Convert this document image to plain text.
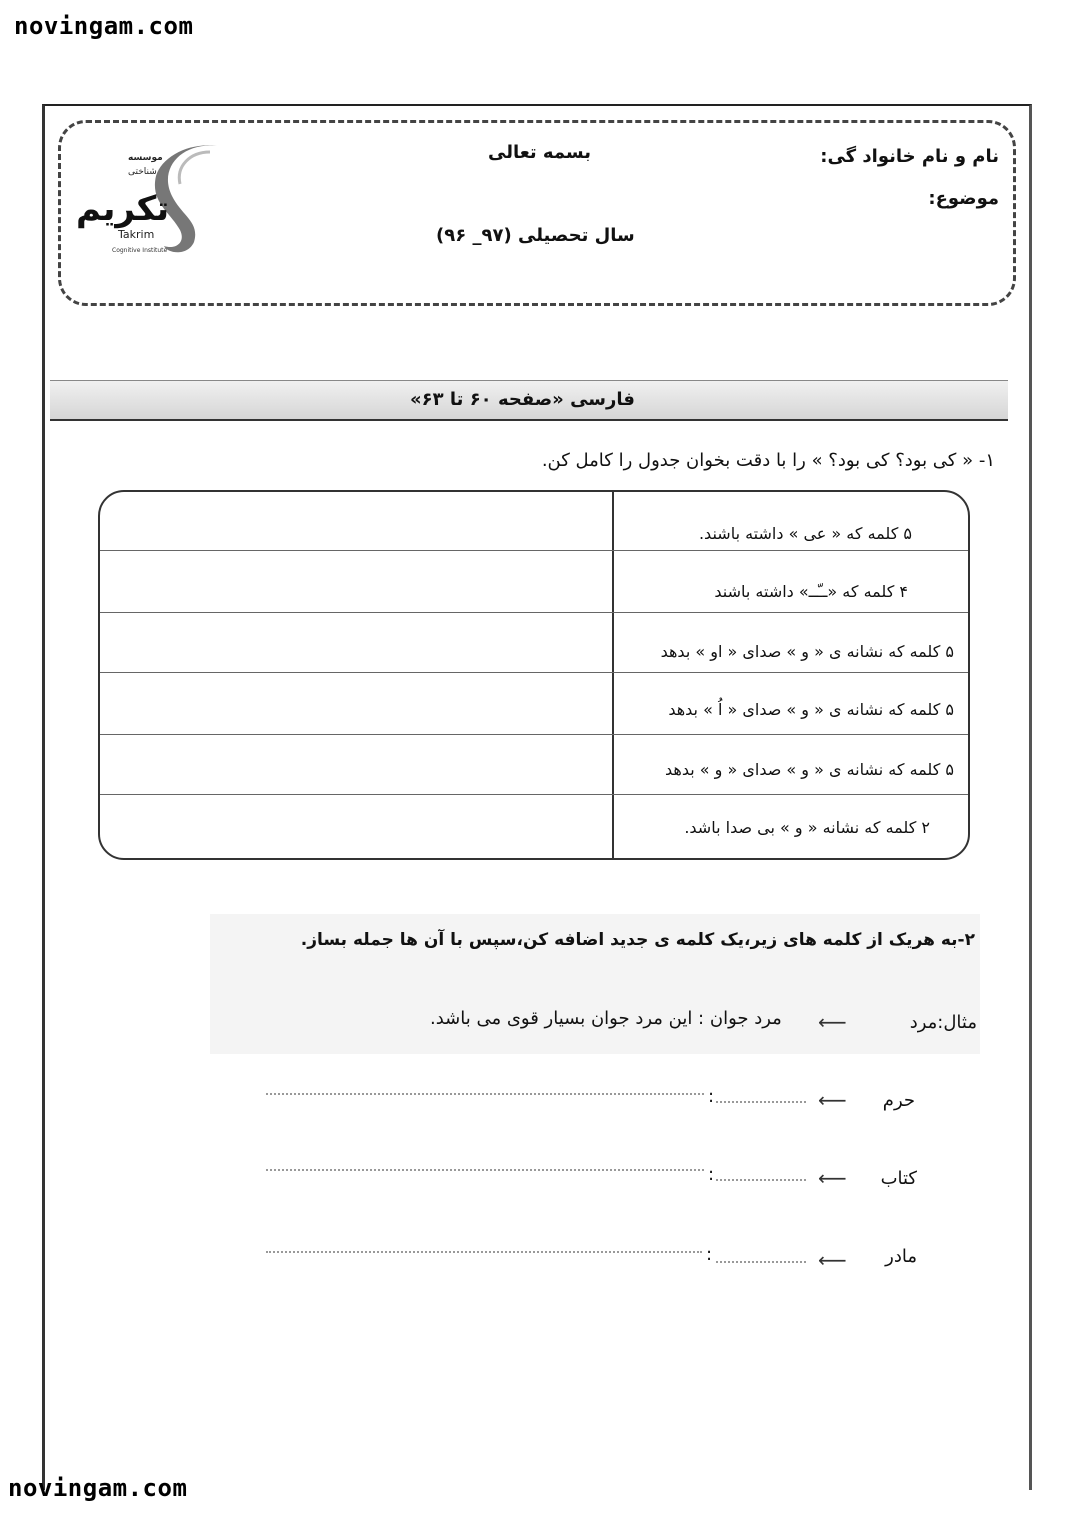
novingam.com
موسسه
شناختی
تکریم
Takrim
Cognitive Institute
بسمه تعالی	نام و نام خانواد گی:
موضوع:
سال تحصیلی (۹۷_ ۹۶)
فارسی «صفحه ۶۰ تا ۶۳»
۱- « کی بود؟ کی بود؟ » را با دقت بخوان جدول را کامل کن.
۵ کلمه که « عی » داشته باشند.
۴ کلمه که «ــّــ» داشته باشند
۵ کلمه که نشانه ی « و » صدای « او » بدهد
۵ کلمه که نشانه ی « و » صدای « اُ » بدهد
۵ کلمه که نشانه ی « و » صدای « و » بدهد
۲ کلمه که نشانه « و » بی صدا باشد.
۲-به هریک از کلمه های زیر،یک کلمه ی جدید اضافه کن،سپس با آن ها جمله بساز.
مثال:مرد
⟵
مرد جوان : این مرد جوان بسیار قوی می باشد.
حرم
⟵
:
کتاب
⟵
:
مادر
⟵
:
novingam.com
